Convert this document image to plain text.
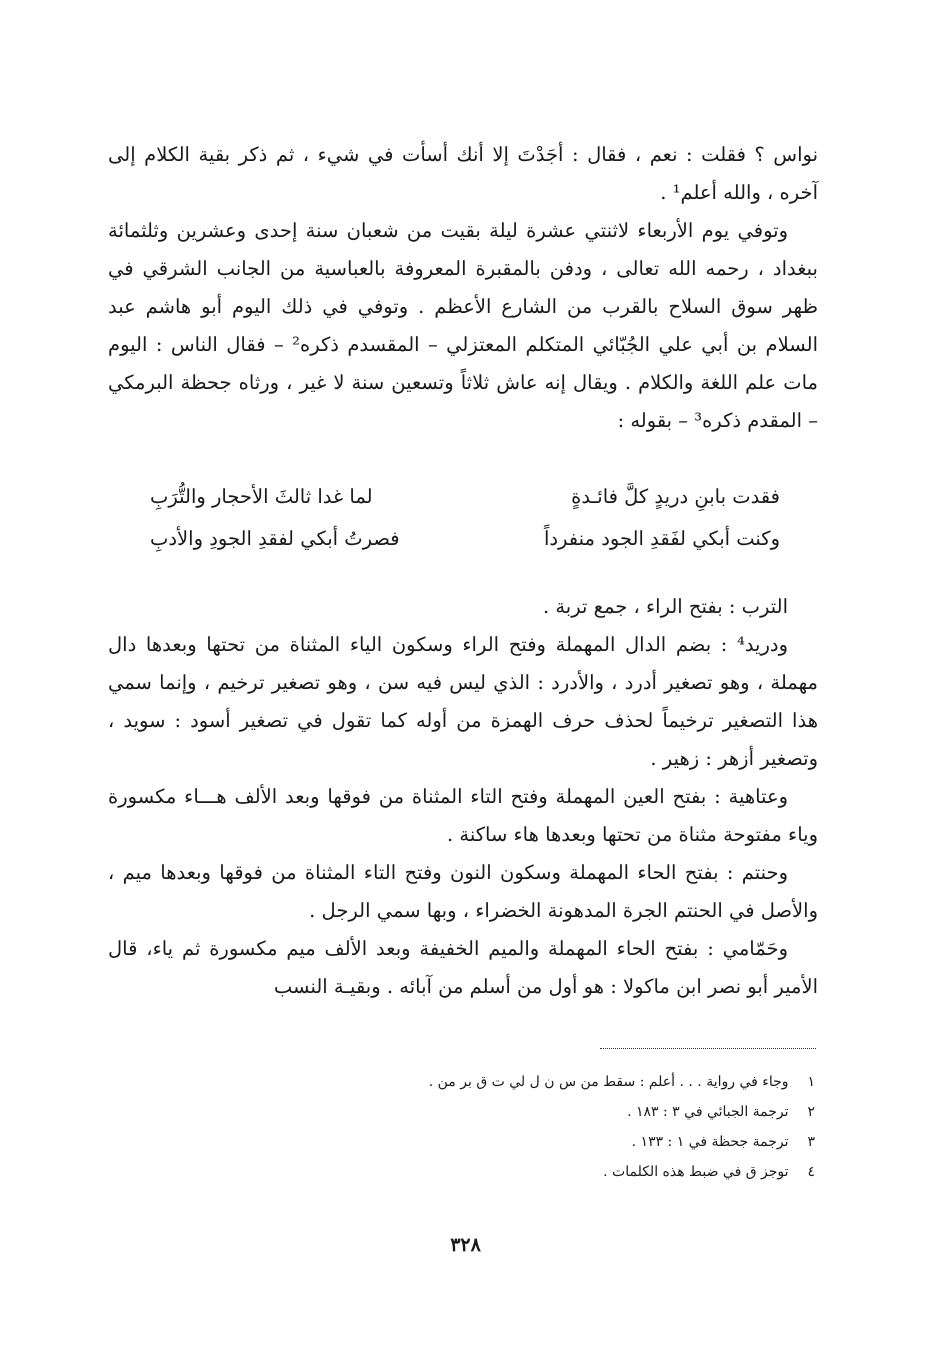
نواس ؟ فقلت : نعم ، فقال : أجَدْتَ إلا أنك أسأت في شيء ، ثم ذكر بقية الكلام إلى آخره ، والله أعلم¹ .

وتوفي يوم الأربعاء لاثنتي عشرة ليلة بقيت من شعبان سنة إحدى وعشرين وثلثمائة ببغداد ، رحمه الله تعالى ، ودفن بالمقبرة المعروفة بالعباسية من الجانب الشرقي في ظهر سوق السلاح بالقرب من الشارع الأعظم . وتوفي في ذلك اليوم أبو هاشم عبد السلام بن أبي علي الجُبّائي المتكلم المعتزلي – المقسدم ذكره² – فقال الناس : اليوم مات علم اللغة والكلام . ويقال إنه عاش ثلاثاً وتسعين سنة لا غير ، ورثاه جحظة البرمكي – المقدم ذكره³ – بقوله :

فقدت بابنِ دريدٍ كلَّ فائـدةٍ
لما غدا ثالثَ الأحجار والتُّرَبِ
وكنت أبكي لفَقدِ الجود منفرداً
فصرتُ أبكي لفقدِ الجودِ والأدبِ

الترب : بفتح الراء ، جمع تربة .

ودريد⁴ : بضم الدال المهملة وفتح الراء وسكون الياء المثناة من تحتها وبعدها دال مهملة ، وهو تصغير أدرد ، والأدرد : الذي ليس فيه سن ، وهو تصغير ترخيم ، وإنما سمي هذا التصغير ترخيماً لحذف حرف الهمزة من أوله كما تقول في تصغير أسود : سويد ، وتصغير أزهر : زهير .

وعتاهية : بفتح العين المهملة وفتح التاء المثناة من فوقها وبعد الألف هـــاء مكسورة وياء مفتوحة مثناة من تحتها وبعدها هاء ساكنة .

وحنتم : بفتح الحاء المهملة وسكون النون وفتح التاء المثناة من فوقها وبعدها ميم ، والأصل في الحنتم الجرة المدهونة الخضراء ، وبها سمي الرجل .

وحَمّامي : بفتح الحاء المهملة والميم الخفيفة وبعد الألف ميم مكسورة ثم ياء، قال الأمير أبو نصر ابن ماكولا : هو أول من أسلم من آبائه . وبقيـة النسب

١ وجاء في رواية . . . أعلم : سقط من س ن ل لي ت ق بر من .
٢ ترجمة الجبائي في ٣ : ١٨٣ .
٣ ترجمة جحظة في ١ : ١٣٣ .
٤ توجز ق في ضبط هذه الكلمات .
٣٢٨
